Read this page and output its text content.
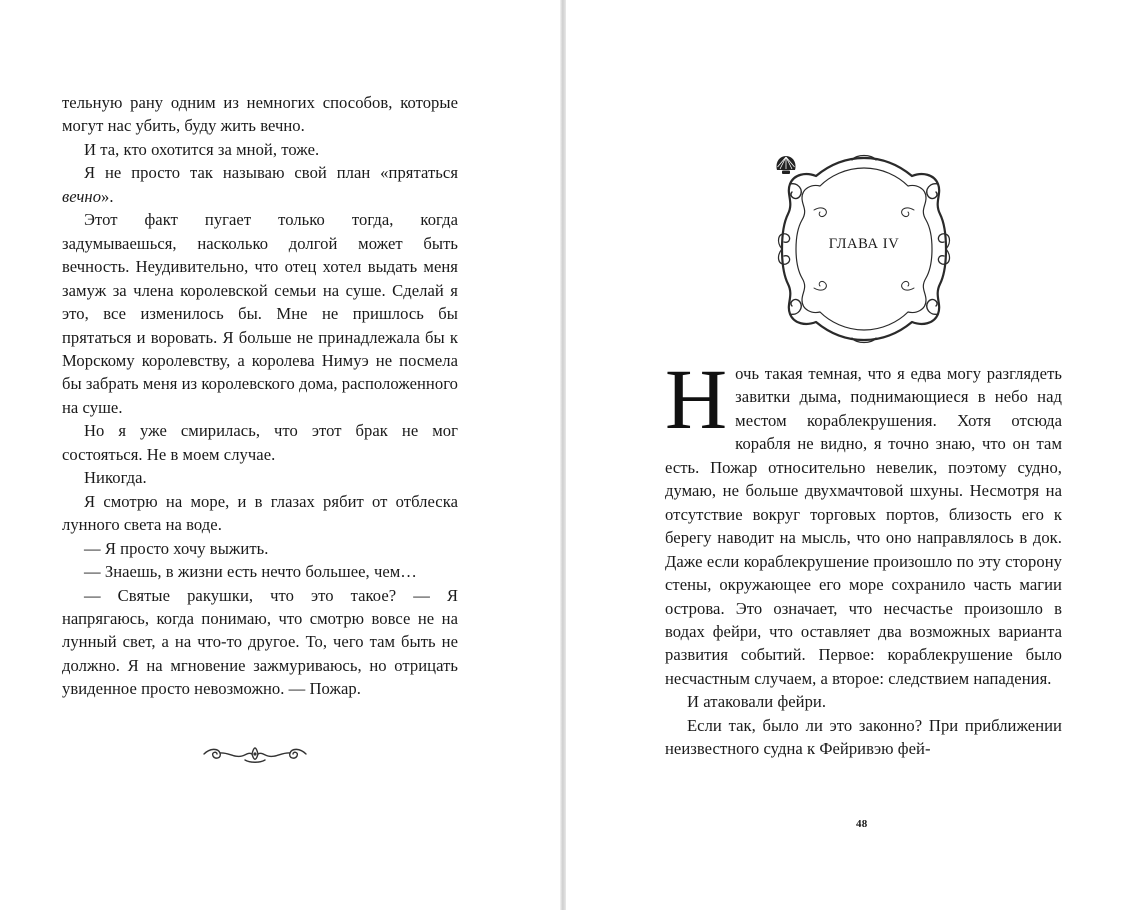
тельную рану одним из немногих способов, которые могут нас убить, буду жить вечно.

И та, кто охотится за мной, тоже.

Я не просто так называю свой план «прятаться вечно».

Этот факт пугает только тогда, когда задумываешься, насколько долгой может быть вечность. Неудивительно, что отец хотел выдать меня замуж за члена королевской семьи на суше. Сделай я это, все изменилось бы. Мне не пришлось бы прятаться и воровать. Я больше не принадлежала бы к Морскому королевству, а королева Нимуэ не посмела бы забрать меня из королевского дома, расположенного на суше.

Но я уже смирилась, что этот брак не мог состояться. Не в моем случае.

Никогда.

Я смотрю на море, и в глазах рябит от отблеска лунного света на воде.

— Я просто хочу выжить.

— Знаешь, в жизни есть нечто большее, чем…

— Святые ракушки, что это такое? — Я напрягаюсь, когда понимаю, что смотрю вовсе не на лунный свет, а на что-то другое. То, чего там быть не должно. Я на мгновение зажмуриваюсь, но отрицать увиденное просто невозможно. — Пожар.

ГЛАВА IV

Ночь такая темная, что я едва могу разглядеть завитки дыма, поднимающиеся в небо над местом кораблекрушения. Хотя отсюда корабля не видно, я точно знаю, что он там есть. Пожар относительно невелик, поэтому судно, думаю, не больше двухмачтовой шхуны. Несмотря на отсутствие вокруг торговых портов, близость его к берегу наводит на мысль, что оно направлялось в док. Даже если кораблекрушение произошло по эту сторону стены, окружающее его море сохранило часть магии острова. Это означает, что несчастье произошло в водах фейри, что оставляет два возможных варианта развития событий. Первое: кораблекрушение было несчастным случаем, а второе: следствием нападения.

И атаковали фейри.

Если так, было ли это законно? При приближении неизвестного судна к Фейривэю фей-

48
